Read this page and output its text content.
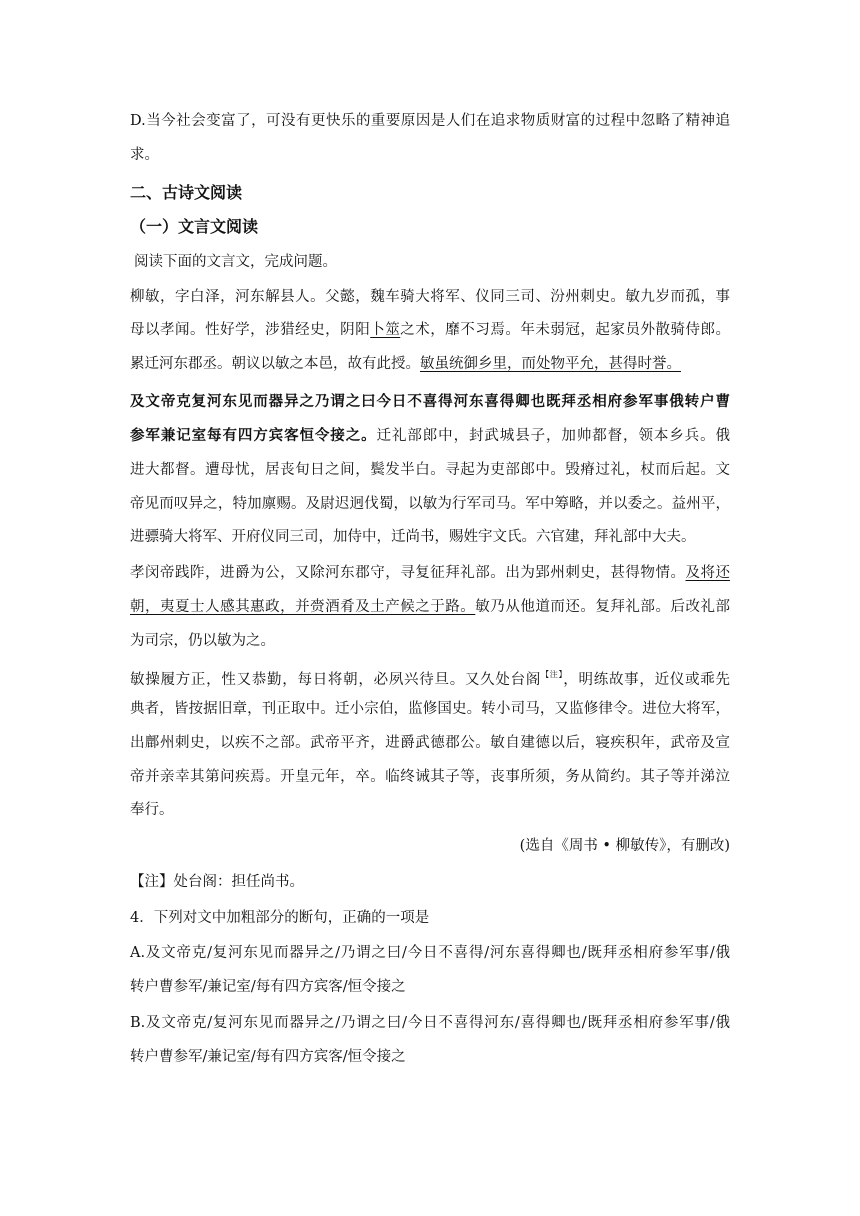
D.当今社会变富了，可没有更快乐的重要原因是人们在追求物质财富的过程中忽略了精神追
求。
二、古诗文阅读
（一）文言文阅读
阅读下面的文言文，完成问题。
柳敏，字白泽，河东解县人。父懿，魏车骑大将军、仪同三司、汾州刺史。敏九岁而孤，事
母以孝闻。性好学，涉猎经史，阴阳卜筮之术，靡不习焉。年未弱冠，起家员外散骑侍郎。
累迁河东郡丞。朝议以敏之本邑，故有此授。敏虽统御乡里，而处物平允，甚得时誉。
及文帝克复河东见而器异之乃谓之曰今日不喜得河东喜得卿也既拜丞相府参军事俄转户曹
参军兼记室每有四方宾客恒令接之。迁礼部郎中，封武城县子，加帅都督，领本乡兵。俄
进大都督。遭母忧，居丧旬日之间，鬓发半白。寻起为吏部郎中。毁瘠过礼，杖而后起。文
帝见而叹异之，特加廪赐。及尉迟迥伐蜀，以敏为行军司马。军中筹略，并以委之。益州平，
进骠骑大将军、开府仪同三司，加侍中，迁尚书，赐姓宇文氏。六官建，拜礼部中大夫。
孝闵帝践阼，进爵为公，又除河东郡守，寻复征拜礼部。出为郢州刺史，甚得物情。及将还
朝，夷夏士人感其惠政，并赍酒肴及土产候之于路。敏乃从他道而还。复拜礼部。后改礼部
为司宗，仍以敏为之。
敏操履方正，性又恭勤，每日将朝，必夙兴待旦。又久处台阁$^{【注】}$，明练故事，近仪或乖先
典者，皆按据旧章，刊正取中。迁小宗伯，监修国史。转小司马，又监修律令。进位大将军，
出鄜州刺史，以疾不之部。武帝平齐，进爵武德郡公。敏自建德以后，寝疾积年，武帝及宣
帝并亲幸其第问疾焉。开皇元年，卒。临终诫其子等，丧事所须，务从简约。其子等并涕泣
奉行。
(选自《周书 • 柳敏传》，有删改)
【注】处台阁：担任尚书。
4．下列对文中加粗部分的断句，正确的一项是
A.及文帝克/复河东见而器异之/乃谓之曰/今日不喜得/河东喜得卿也/既拜丞相府参军事/俄
转户曹参军/兼记室/每有四方宾客/恒令接之
B.及文帝克/复河东见而器异之/乃谓之曰/今日不喜得河东/喜得卿也/既拜丞相府参军事/俄
转户曹参军/兼记室/每有四方宾客/恒令接之
